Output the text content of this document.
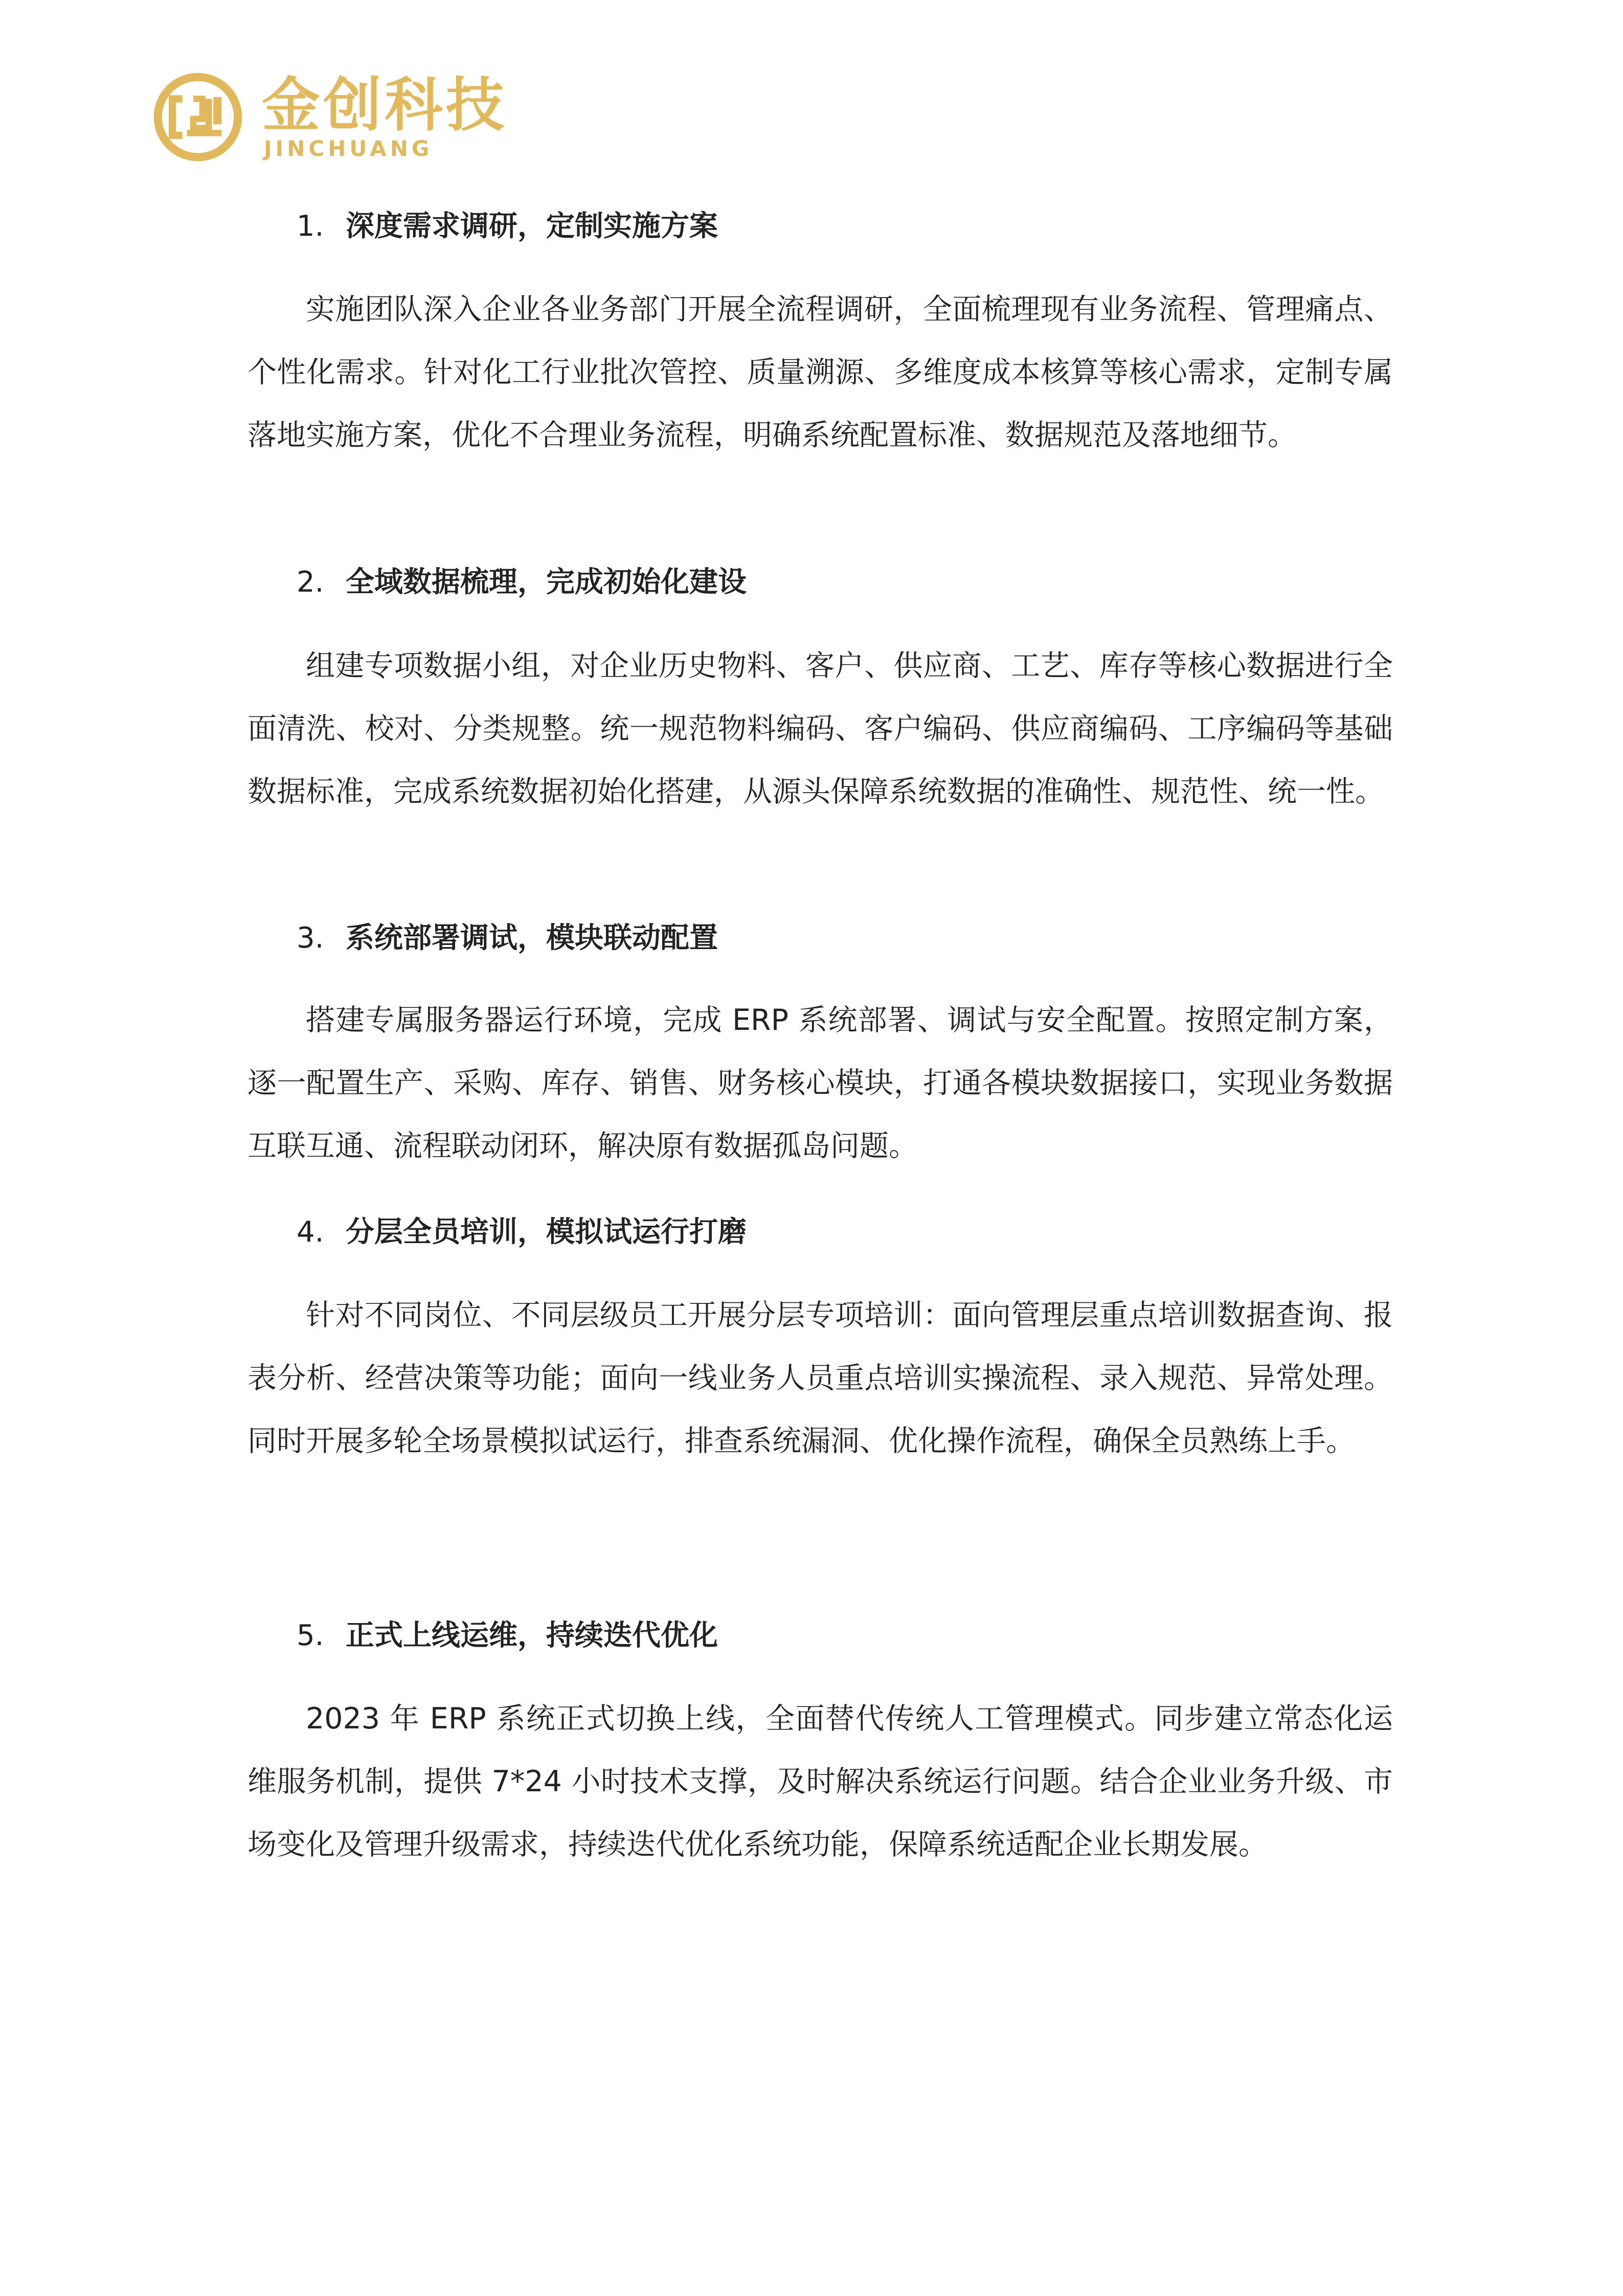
金创科技
JINCHUANG
1. 深度需求调研，定制实施方案

实施团队深入企业各业务部门开展全流程调研，全面梳理现有业务流程、管理痛点、个性化需求。针对化工行业批次管控、质量溯源、多维度成本核算等核心需求，定制专属落地实施方案，优化不合理业务流程，明确系统配置标准、数据规范及落地细节。

2. 全域数据梳理，完成初始化建设

组建专项数据小组，对企业历史物料、客户、供应商、工艺、库存等核心数据进行全面清洗、校对、分类规整。统一规范物料编码、客户编码、供应商编码、工序编码等基础数据标准，完成系统数据初始化搭建，从源头保障系统数据的准确性、规范性、统一性。

3. 系统部署调试，模块联动配置

搭建专属服务器运行环境，完成 ERP 系统部署、调试与安全配置。按照定制方案，逐一配置生产、采购、库存、销售、财务核心模块，打通各模块数据接口，实现业务数据互联互通、流程联动闭环，解决原有数据孤岛问题。

4. 分层全员培训，模拟试运行打磨

针对不同岗位、不同层级员工开展分层专项培训：面向管理层重点培训数据查询、报表分析、经营决策等功能；面向一线业务人员重点培训实操流程、录入规范、异常处理。同时开展多轮全场景模拟试运行，排查系统漏洞、优化操作流程，确保全员熟练上手。

5. 正式上线运维，持续迭代优化

2023 年 ERP 系统正式切换上线，全面替代传统人工管理模式。同步建立常态化运维服务机制，提供 7*24 小时技术支撑，及时解决系统运行问题。结合企业业务升级、市场变化及管理升级需求，持续迭代优化系统功能，保障系统适配企业长期发展。
